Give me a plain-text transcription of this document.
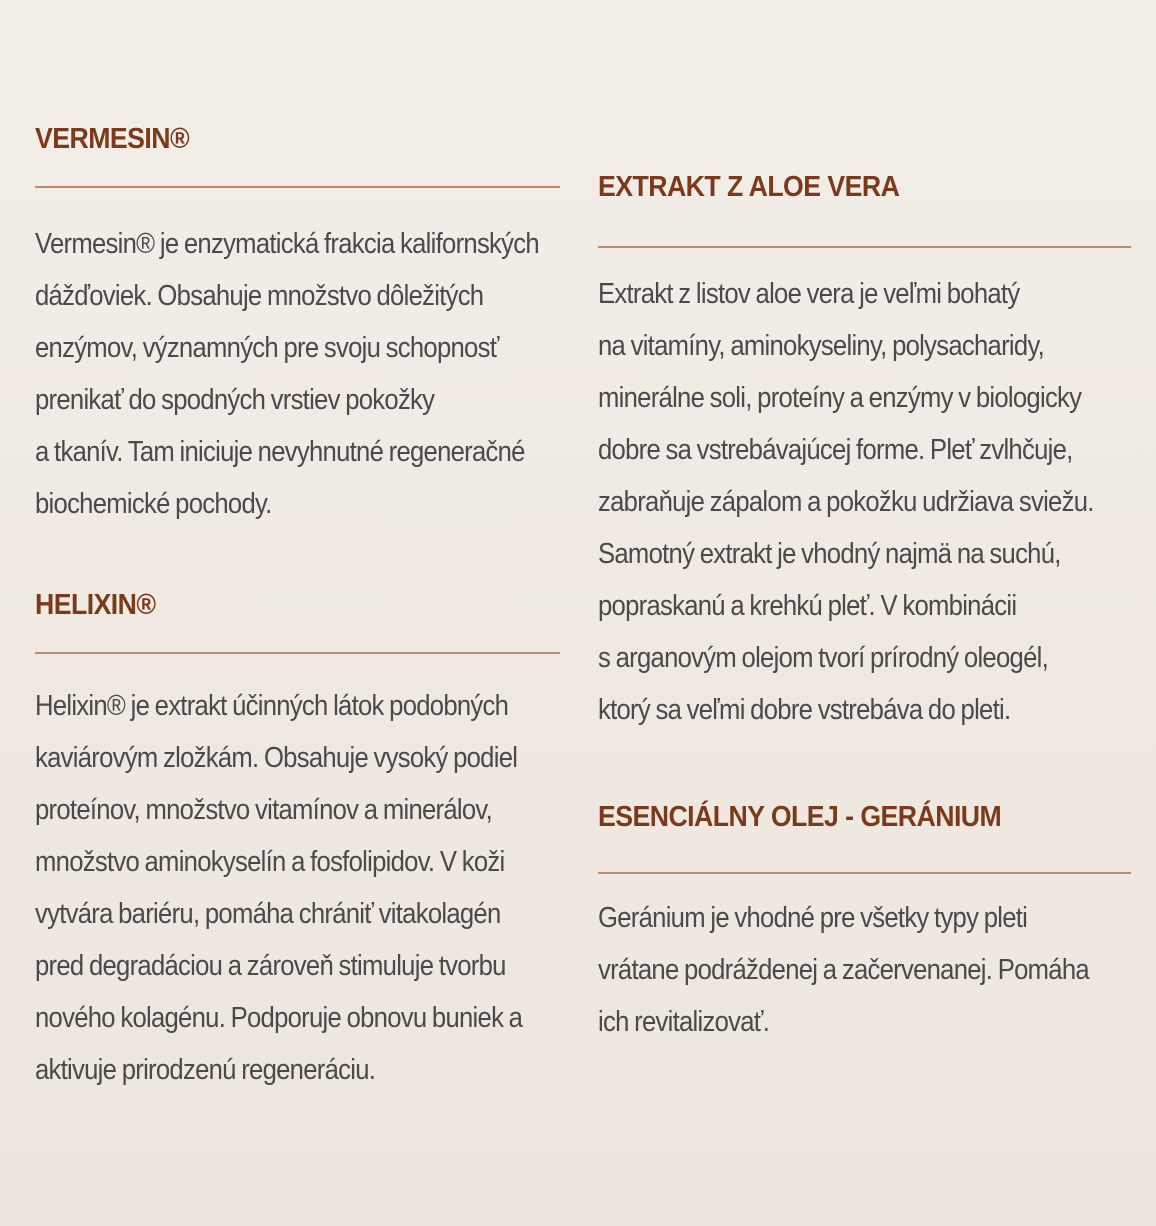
VERMESIN®

Vermesin® je enzymatická frakcia kalifornských
dážďoviek. Obsahuje množstvo dôležitých
enzýmov, významných pre svoju schopnosť
prenikať do spodných vrstiev pokožky
a tkanív. Tam iniciuje nevyhnutné regeneračné
biochemické pochody.

HELIXIN®

Helixin® je extrakt účinných látok podobných
kaviárovým zložkám. Obsahuje vysoký podiel
proteínov, množstvo vitamínov a minerálov,
množstvo aminokyselín a fosfolipidov. V koži
vytvára bariéru, pomáha chrániť vitakolagén
pred degradáciou a zároveň stimuluje tvorbu
nového kolagénu. Podporuje obnovu buniek a
aktivuje prirodzenú regeneráciu.

EXTRAKT Z ALOE VERA

Extrakt z listov aloe vera je veľmi bohatý
na vitamíny, aminokyseliny, polysacharidy,
minerálne soli, proteíny a enzýmy v biologicky
dobre sa vstrebávajúcej forme. Pleť zvlhčuje,
zabraňuje zápalom a pokožku udržiava sviežu.
Samotný extrakt je vhodný najmä na suchú,
popraskanú a krehkú pleť. V kombinácii
s arganovým olejom tvorí prírodný oleogél,
ktorý sa veľmi dobre vstrebáva do pleti.

ESENCIÁLNY OLEJ - GERÁNIUM

Geránium je vhodné pre všetky typy pleti
vrátane podráždenej a začervenanej. Pomáha
ich revitalizovať.
